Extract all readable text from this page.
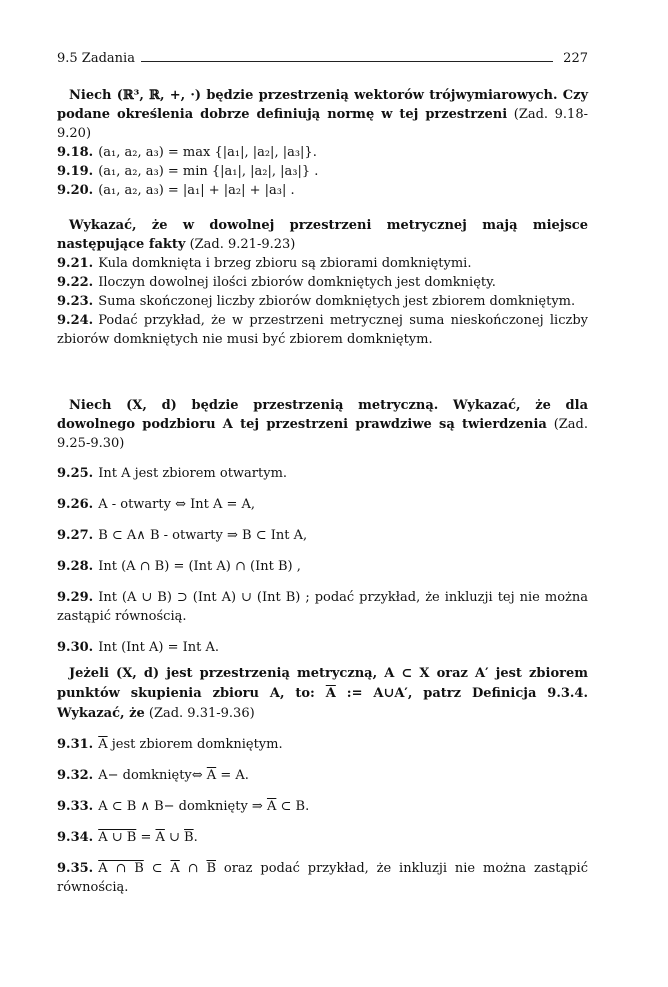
9.5 Zadania	227

Niech (ℝ³, ℝ, +, ·) będzie przestrzenią wektorów trójwymiarowych. Czy podane określenia dobrze definiują normę w tej przestrzeni (Zad. 9.18-9.20)

9.18. (a₁, a₂, a₃) = max {|a₁|, |a₂|, |a₃|}.

9.19. (a₁, a₂, a₃) = min {|a₁|, |a₂|, |a₃|} .

9.20. (a₁, a₂, a₃) = |a₁| + |a₂| + |a₃| .

Wykazać, że w dowolnej przestrzeni metrycznej mają miejsce następujące fakty (Zad. 9.21-9.23)

9.21. Kula domknięta i brzeg zbioru są zbiorami domkniętymi.

9.22. Iloczyn dowolnej ilości zbiorów domkniętych jest domknięty.

9.23. Suma skończonej liczby zbiorów domkniętych jest zbiorem domkniętym.

9.24. Podać przykład, że w przestrzeni metrycznej suma nieskończonej liczby zbiorów domkniętych nie musi być zbiorem domkniętym.

Niech (X, d) będzie przestrzenią metryczną. Wykazać, że dla dowolnego podzbioru A tej przestrzeni prawdziwe są twierdzenia (Zad. 9.25-9.30)

9.25. Int A jest zbiorem otwartym.

9.26. A - otwarty ⇔ Int A = A,

9.27. B ⊂ A∧ B - otwarty ⇒ B ⊂ Int A,

9.28. Int (A ∩ B) = (Int A) ∩ (Int B) ,

9.29. Int (A ∪ B) ⊃ (Int A) ∪ (Int B) ; podać przykład, że inkluzji tej nie można zastąpić równością.

9.30. Int (Int A) = Int A.

Jeżeli (X, d) jest przestrzenią metryczną, A ⊂ X oraz A′ jest zbiorem punktów skupienia zbioru A, to: $\overline{A}$ := A∪A′, patrz Definicja 9.3.4. Wykazać, że (Zad. 9.31-9.36)

9.31. $\overline{A}$ jest zbiorem domkniętym.

9.32. A− domknięty⇔ $\overline{A} = A$.

9.33. A ⊂ B ∧ B− domknięty ⇒ $\overline{A}$ ⊂ B.

9.34. A ∪ $B = \overline{A}$ ∪ $\overline{B}$.

9.35. A ∩ B ⊂ $\overline{A}$ ∩ $\overline{B}$ oraz podać przykład, że inkluzji nie można zastąpić równością.
